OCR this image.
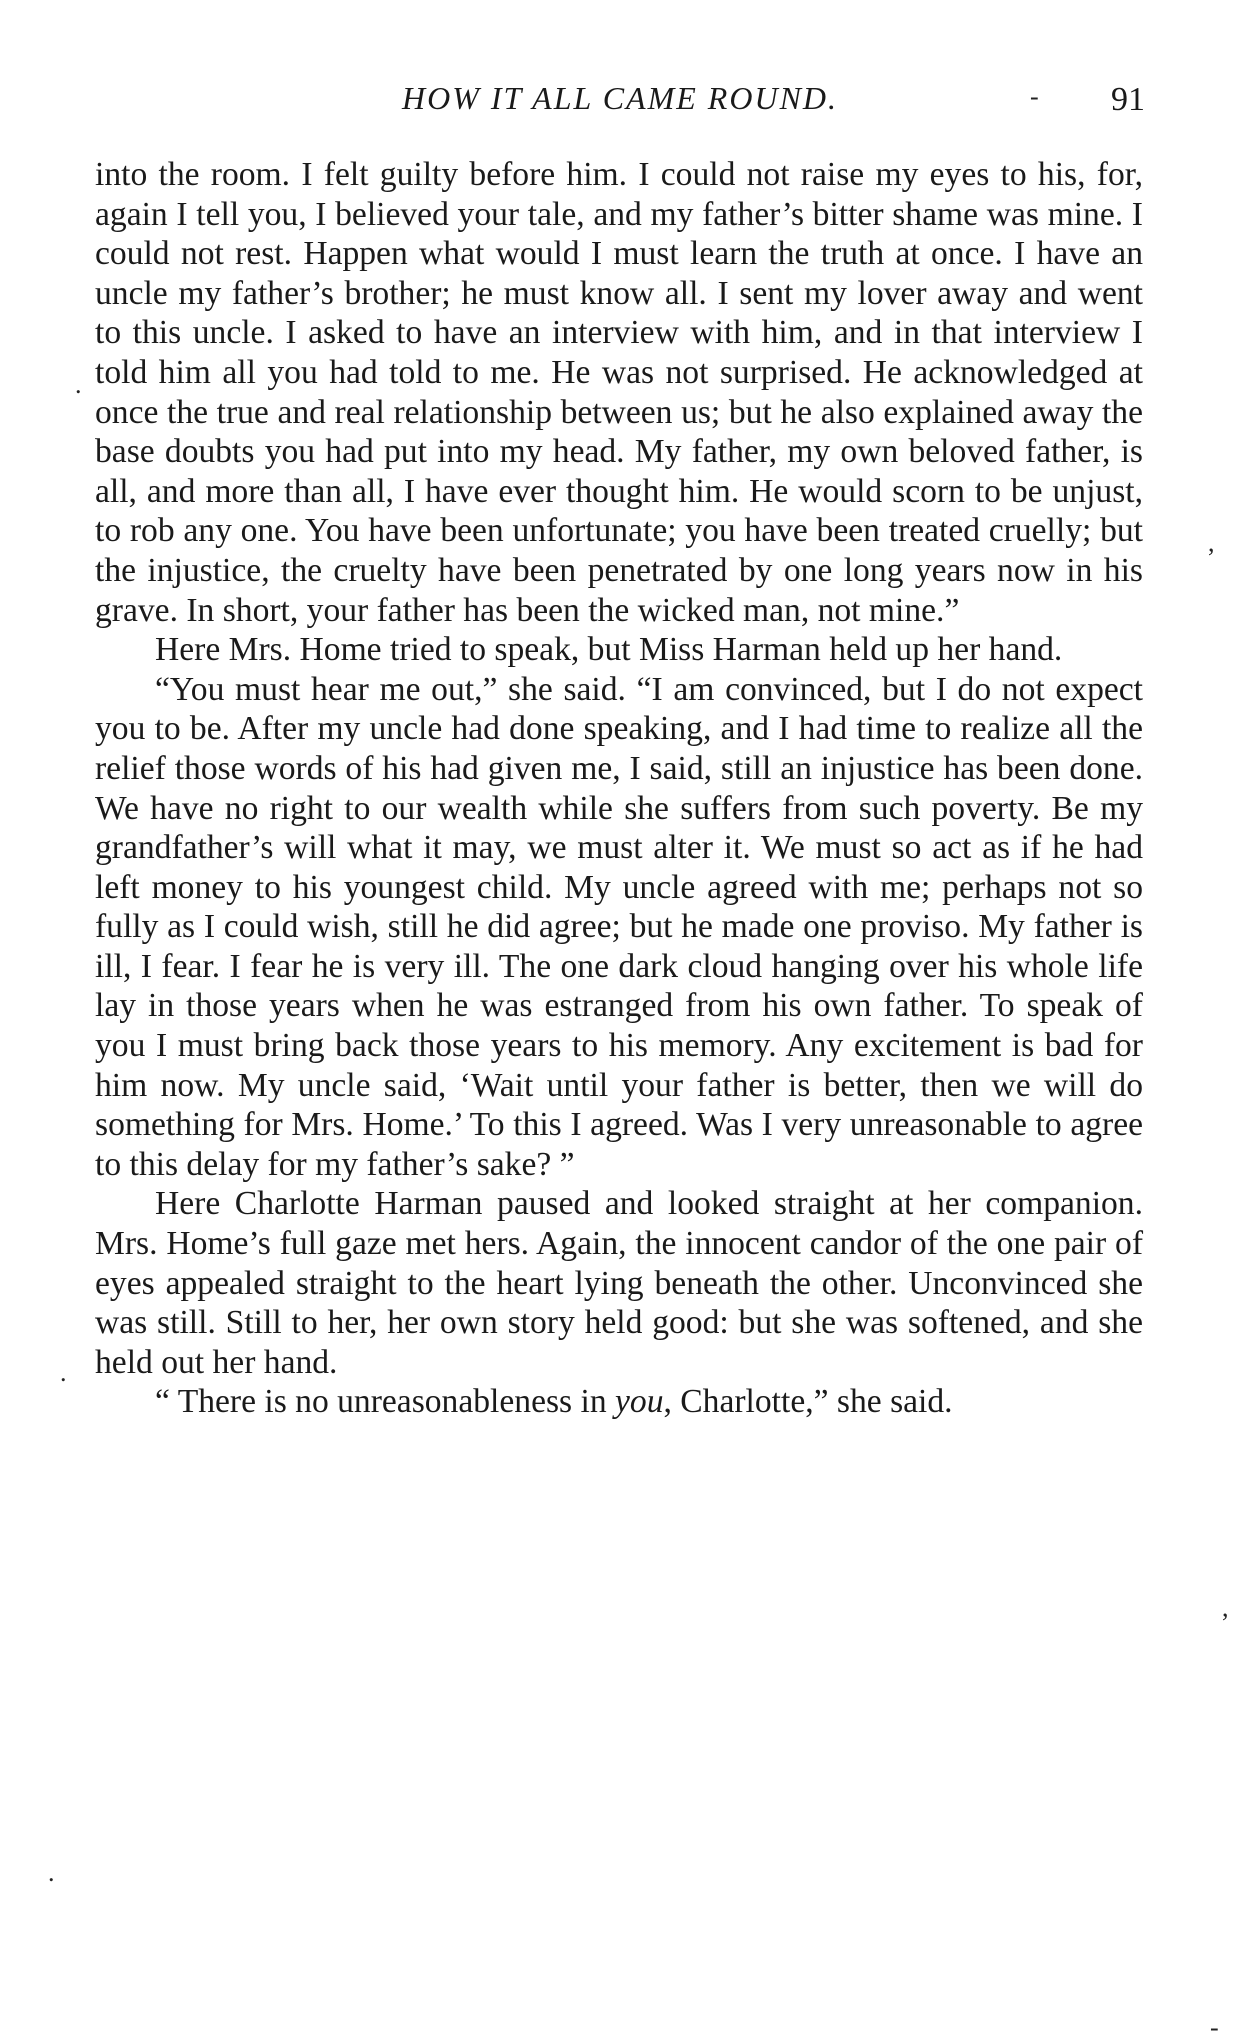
HOW IT ALL CAME ROUND.	91

into the room. I felt guilty before him. I could not raise my eyes to his, for, again I tell you, I believed your tale, and my father’s bitter shame was mine. I could not rest. Happen what would I must learn the truth at once. I have an uncle my father’s brother; he must know all. I sent my lover away and went to this uncle. I asked to have an interview with him, and in that interview I told him all you had told to me. He was not surprised. He acknowledged at once the true and real relationship between us; but he also explained away the base doubts you had put into my head. My father, my own beloved father, is all, and more than all, I have ever thought him. He would scorn to be unjust, to rob any one. You have been unfortunate; you have been treated cruelly; but the injustice, the cruelty have been penetrated by one long years now in his grave. In short, your father has been the wicked man, not mine.”

Here Mrs. Home tried to speak, but Miss Harman held up her hand.

“You must hear me out,” she said. “I am convinced, but I do not expect you to be. After my uncle had done speaking, and I had time to realize all the relief those words of his had given me, I said, still an injustice has been done. We have no right to our wealth while she suffers from such poverty. Be my grandfather’s will what it may, we must alter it. We must so act as if he had left money to his youngest child. My uncle agreed with me; perhaps not so fully as I could wish, still he did agree; but he made one proviso. My father is ill, I fear. I fear he is very ill. The one dark cloud hanging over his whole life lay in those years when he was estranged from his own father. To speak of you I must bring back those years to his memory. Any excitement is bad for him now. My uncle said, ‘Wait until your father is better, then we will do something for Mrs. Home.’ To this I agreed. Was I very unreasonable to agree to this delay for my father’s sake? ”

Here Charlotte Harman paused and looked straight at her companion. Mrs. Home’s full gaze met hers. Again, the innocent candor of the one pair of eyes appealed straight to the heart lying beneath the other. Unconvinced she was still. Still to her, her own story held good: but she was softened, and she held out her hand.

“ There is no unreasonableness in you, Charlotte,” she said.

-
.
,
.
,
.
-
